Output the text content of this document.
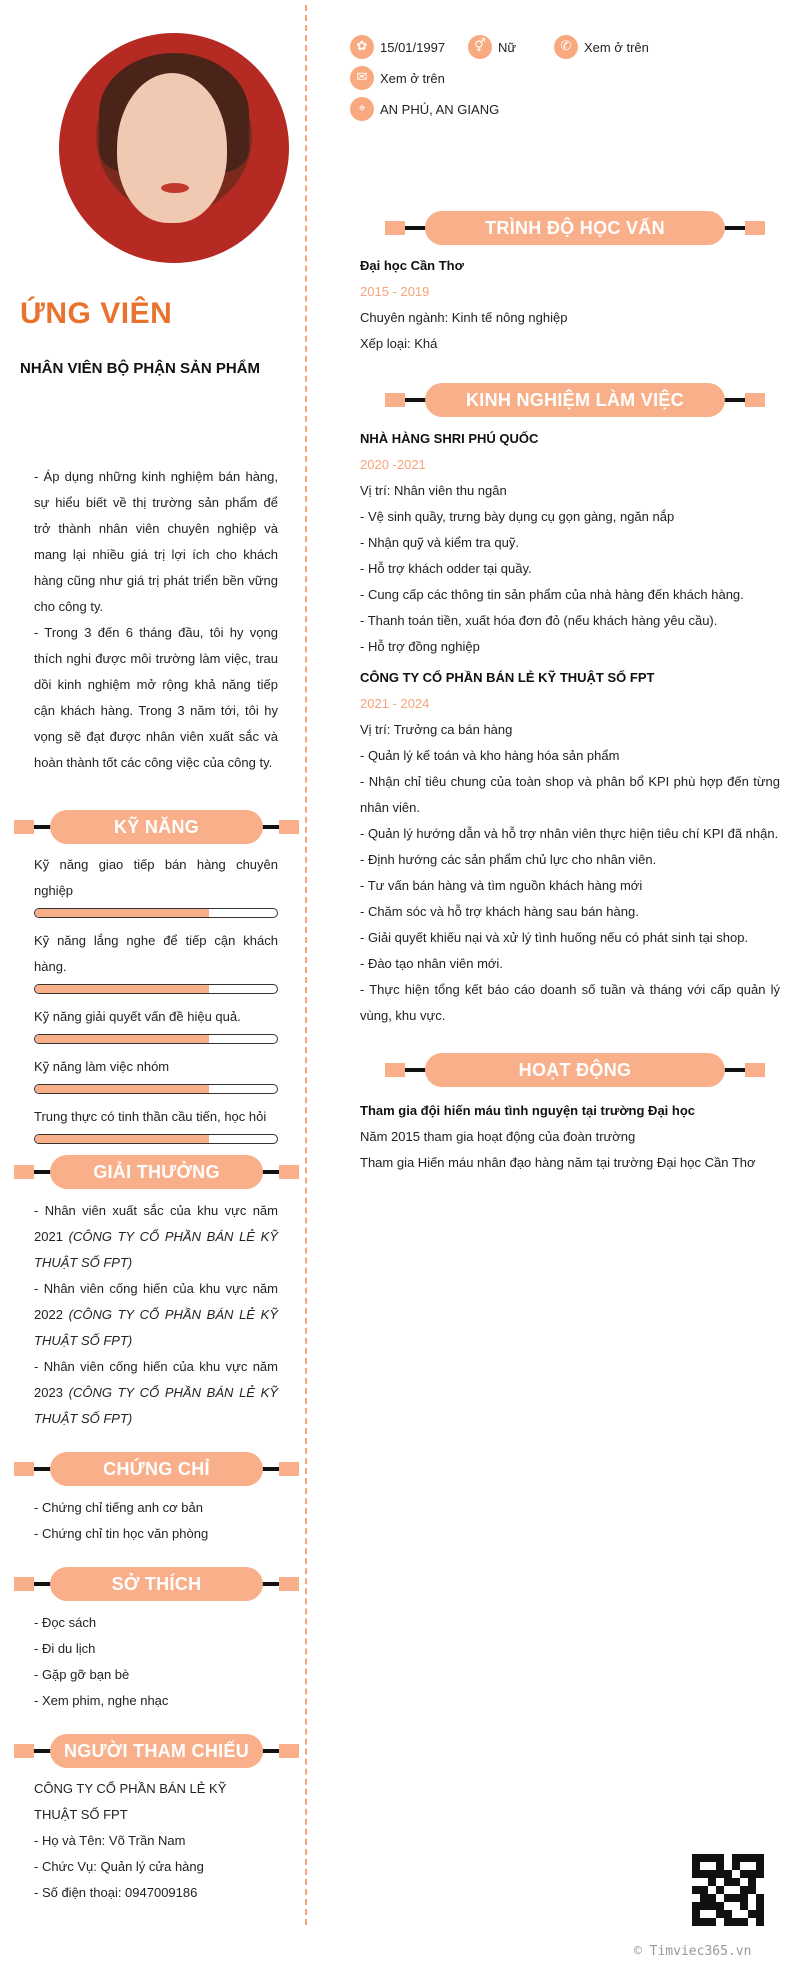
ỨNG VIÊN
NHÂN VIÊN BỘ PHẬN SẢN PHẨM

- Áp dụng những kinh nghiệm bán hàng, sự hiểu biết về thị trường sản phẩm để trở thành nhân viên chuyên nghiệp và mang lại nhiều giá trị lợi ích cho khách hàng cũng như giá trị phát triển bền vững cho công ty.

- Trong 3 đến 6 tháng đầu, tôi hy vọng thích nghi được môi trường làm việc, trau dồi kinh nghiệm mở rộng khả năng tiếp cận khách hàng. Trong 3 năm tới, tôi hy vọng sẽ đạt được nhân viên xuất sắc và hoàn thành tốt các công việc của công ty.

KỸ NĂNG
Kỹ năng giao tiếp bán hàng chuyên nghiệp
Kỹ năng lắng nghe để tiếp cận khách hàng.
Kỹ năng giải quyết vấn đề hiệu quả.
Kỹ năng làm việc nhóm
Trung thực có tinh thần cầu tiến, học hỏi
GIẢI THƯỞNG

- Nhân viên xuất sắc của khu vực năm 2021 (CÔNG TY CỔ PHẦN BÁN LẺ KỸ THUẬT SỐ FPT)

- Nhân viên cống hiến của khu vực năm 2022 (CÔNG TY CỔ PHẦN BÁN LẺ KỸ THUẬT SỐ FPT)

- Nhân viên cống hiến của khu vực năm 2023 (CÔNG TY CỔ PHẦN BÁN LẺ KỸ THUẬT SỐ FPT)

CHỨNG CHỈ
- Chứng chỉ tiếng anh cơ bản
- Chứng chỉ tin học văn phòng
SỞ THÍCH
- Đọc sách
- Đi du lịch
- Gặp gỡ bạn bè
- Xem phim, nghe nhạc
NGƯỜI THAM CHIẾU
CÔNG TY CỔ PHẦN BÁN LẺ KỸ THUẬT SỐ FPT
- Họ và Tên: Võ Trần Nam
- Chức Vụ: Quản lý cửa hàng
- Số điện thoại: 0947009186
✿ 15/01/1997	⚥ Nữ	✆ Xem ở trên
✉ Xem ở trên
⌖	AN PHÚ, AN GIANG
TRÌNH ĐỘ HỌC VẤN
Đại học Cần Thơ
2015 - 2019
Chuyên ngành: Kinh tế nông nghiệp
Xếp loại: Khá
KINH NGHIỆM LÀM VIỆC
NHÀ HÀNG SHRI PHÚ QUỐC
2020 -2021

Vị trí: Nhân viên thu ngân

- Vệ sinh quầy, trưng bày dụng cụ gọn gàng, ngăn nắp

- Nhận quỹ và kiểm tra quỹ.

- Hỗ trợ khách odder tại quầy.

- Cung cấp các thông tin sản phẩm của nhà hàng đến khách hàng.

- Thanh toán tiền, xuất hóa đơn đỏ (nếu khách hàng yêu cầu).

- Hỗ trợ đồng nghiệp

CÔNG TY CỔ PHẦN BÁN LẺ KỸ THUẬT SỐ FPT
2021 - 2024

Vị trí: Trưởng ca bán hàng

- Quản lý kế toán và kho hàng hóa sản phẩm

- Nhận chỉ tiêu chung của toàn shop và phân bổ KPI phù hợp đến từng nhân viên.

- Quản lý hướng dẫn và hỗ trợ nhân viên thực hiện tiêu chí KPI đã nhận.

- Định hướng các sản phẩm chủ lực cho nhân viên.

- Tư vấn bán hàng và tìm nguồn khách hàng mới

- Chăm sóc và hỗ trợ khách hàng sau bán hàng.

- Giải quyết khiếu nại và xử lý tình huống nếu có phát sinh tại shop.

- Đào tạo nhân viên mới.

- Thực hiện tổng kết báo cáo doanh số tuần và tháng với cấp quản lý vùng, khu vực.

HOẠT ĐỘNG
Tham gia đội hiến máu tình nguyện tại trường Đại học
Năm 2015 tham gia hoạt động của đoàn trường
Tham gia Hiến máu nhân đạo hàng năm tại trường Đại học Cần Thơ
© Timviec365.vn
